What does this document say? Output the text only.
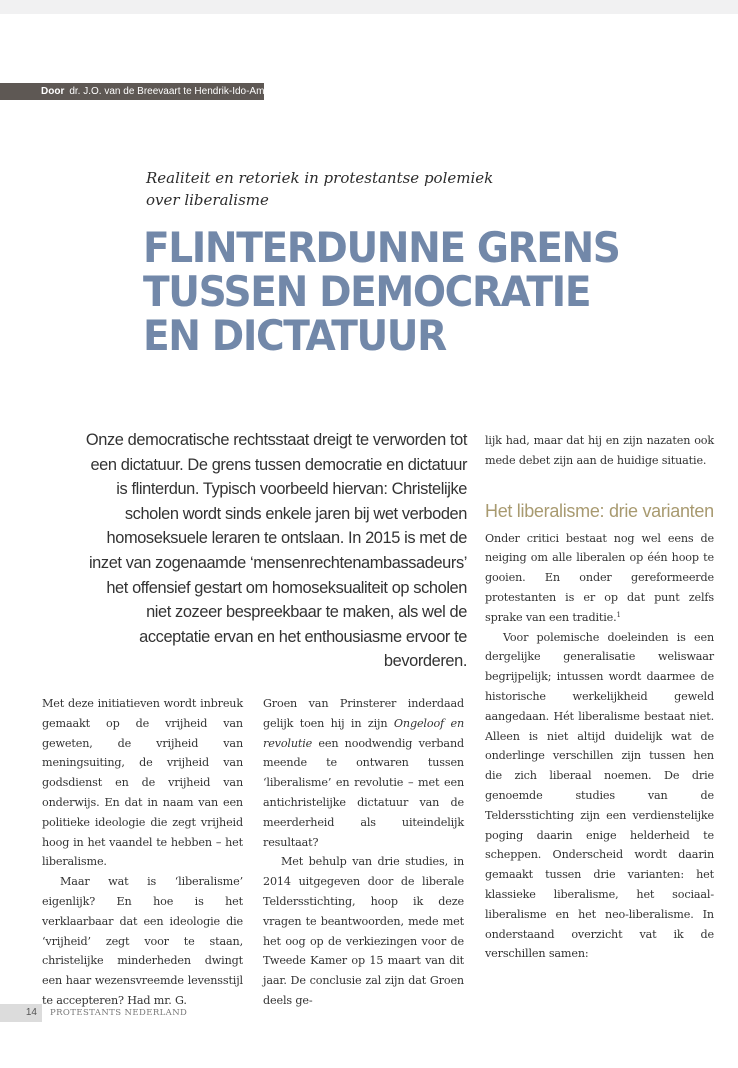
Door dr. J.O. van de Breevaart te Hendrik-Ido-Ambacht
Realiteit en retoriek in protestantse polemiek
over liberalisme
FLINTERDUNNE GRENS
TUSSEN DEMOCRATIE
EN DICTATUUR
Onze democratische rechtsstaat dreigt te verworden tot een dictatuur. De grens tussen democratie en dictatuur is flinterdun. Typisch voorbeeld hiervan: Christelijke scholen wordt sinds enkele jaren bij wet verboden homoseksuele leraren te ontslaan. In 2015 is met de inzet van zogenaamde ‘mensenrechtenambassadeurs’ het offensief gestart om homoseksualiteit op scholen niet zozeer bespreekbaar te maken, als wel de acceptatie ervan en het enthousiasme ervoor te bevorderen.

Met deze initiatieven wordt inbreuk gemaakt op de vrijheid van geweten, de vrijheid van meningsuiting, de vrijheid van godsdienst en de vrijheid van onderwijs. En dat in naam van een politieke ideologie die zegt vrijheid hoog in het vaandel te hebben – het liberalisme.

Maar wat is ‘liberalisme’ eigenlijk? En hoe is het verklaarbaar dat een ideologie die ‘vrijheid’ zegt voor te staan, christelijke minderheden dwingt een haar wezensvreemde levensstijl te accepteren? Had mr. G.

Groen van Prinsterer inderdaad gelijk toen hij in zijn Ongeloof en revolutie een noodwendig verband meende te ontwaren tussen ‘liberalisme’ en revolutie – met een antichristelijke dictatuur van de meerderheid als uiteindelijk resultaat?

Met behulp van drie studies, in 2014 uitgegeven door de liberale Teldersstichting, hoop ik deze vragen te beantwoorden, mede met het oog op de verkiezingen voor de Tweede Kamer op 15 maart van dit jaar. De conclusie zal zijn dat Groen deels ge-

lijk had, maar dat hij en zijn nazaten ook mede debet zijn aan de huidige situatie.

Het liberalisme: drie varianten

Onder critici bestaat nog wel eens de neiging om alle liberalen op één hoop te gooien. En onder gereformeerde protestanten is er op dat punt zelfs sprake van een traditie.$^1$

Voor polemische doeleinden is een dergelijke generalisatie weliswaar begrijpelijk; intussen wordt daarmee de historische werkelijkheid geweld aangedaan. Hét liberalisme bestaat niet. Alleen is niet altijd duidelijk wat de onderlinge verschillen zijn tussen hen die zich liberaal noemen. De drie genoemde studies van de Teldersstichting zijn een verdienstelijke poging daarin enige helderheid te scheppen. Onderscheid wordt daarin gemaakt tussen drie varianten: het klassieke liberalisme, het sociaal-liberalisme en het neo-liberalisme. In onderstaand overzicht vat ik de verschillen samen:

14	PROTESTANTS NEDERLAND
